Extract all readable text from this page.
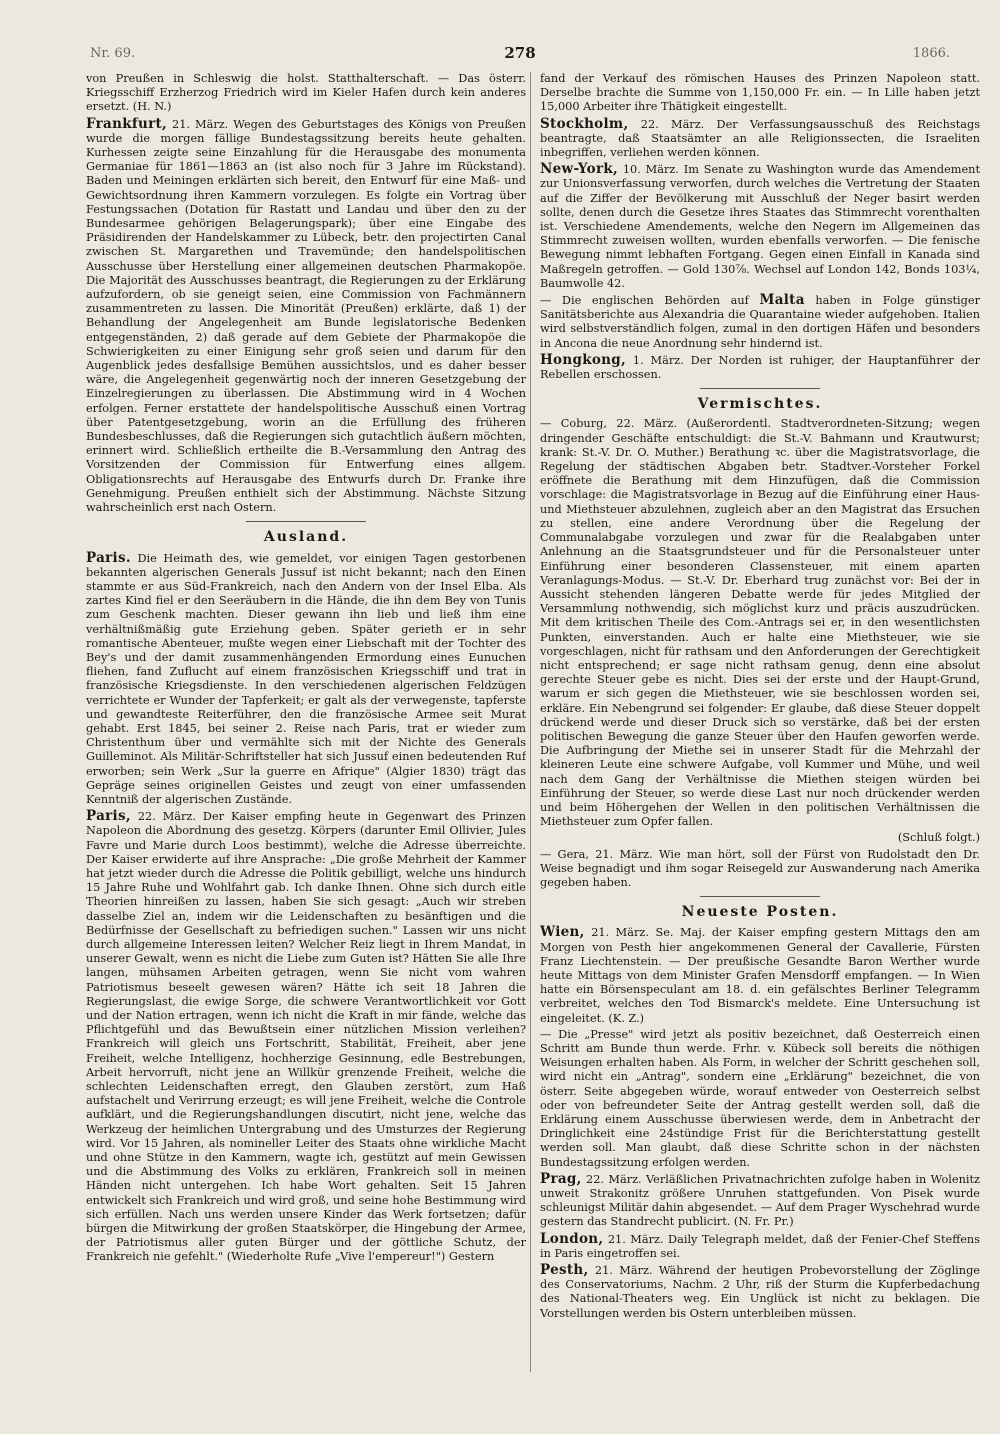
Nr. 69.	278	1866.

von Preußen in Schleswig die holst. Statthalterschaft. — Das österr. Kriegsschiff Erzherzog Friedrich wird im Kieler Hafen durch kein anderes ersetzt. (H. N.)

Frankfurt, 21. März. Wegen des Geburtstages des Königs von Preußen wurde die morgen fällige Bundestagssitzung bereits heute gehalten. Kurhessen zeigte seine Einzahlung für die Herausgabe des monumenta Germaniae für 1861—1863 an (ist also noch für 3 Jahre im Rückstand). Baden und Meiningen erklärten sich bereit, den Entwurf für eine Maß- und Gewichtsordnung ihren Kammern vorzulegen. Es folgte ein Vortrag über Festungssachen (Dotation für Rastatt und Landau und über den zu der Bundesarmee gehörigen Belagerungspark); über eine Eingabe des Präsidirenden der Handelskammer zu Lübeck, betr. den projectirten Canal zwischen St. Margarethen und Travemünde; den handelspolitischen Ausschusse über Herstellung einer allgemeinen deutschen Pharmakopöe. Die Majorität des Ausschusses beantragt, die Regierungen zu der Erklärung aufzufordern, ob sie geneigt seien, eine Commission von Fachmännern zusammentreten zu lassen. Die Minorität (Preußen) erklärte, daß 1) der Behandlung der Angelegenheit am Bunde legislatorische Bedenken entgegenständen, 2) daß gerade auf dem Gebiete der Pharmakopöe die Schwierigkeiten zu einer Einigung sehr groß seien und darum für den Augenblick jedes desfallsige Bemühen aussichtslos, und es daher besser wäre, die Angelegenheit gegenwärtig noch der inneren Gesetzgebung der Einzelregierungen zu überlassen. Die Abstimmung wird in 4 Wochen erfolgen. Ferner erstattete der handelspolitische Ausschuß einen Vortrag über Patentgesetzgebung, worin an die Erfüllung des früheren Bundesbeschlusses, daß die Regierungen sich gutachtlich äußern möchten, erinnert wird. Schließlich ertheilte die B.-Versammlung den Antrag des Vorsitzenden der Commission für Entwerfung eines allgem. Obligationsrechts auf Herausgabe des Entwurfs durch Dr. Franke ihre Genehmigung. Preußen enthielt sich der Abstimmung. Nächste Sitzung wahrscheinlich erst nach Ostern.

Ausland.

Paris. Die Heimath des, wie gemeldet, vor einigen Tagen gestorbenen bekannten algerischen Generals Jussuf ist nicht bekannt; nach den Einen stammte er aus Süd-Frankreich, nach den Andern von der Insel Elba. Als zartes Kind fiel er den Seeräubern in die Hände, die ihn dem Bey von Tunis zum Geschenk machten. Dieser gewann ihn lieb und ließ ihm eine verhältnißmäßig gute Erziehung geben. Später gerieth er in sehr romantische Abenteuer, mußte wegen einer Liebschaft mit der Tochter des Bey's und der damit zusammenhängenden Ermordung eines Eunuchen fliehen, fand Zuflucht auf einem französischen Kriegsschiff und trat in französische Kriegsdienste. In den verschiedenen algerischen Feldzügen verrichtete er Wunder der Tapferkeit; er galt als der verwegenste, tapferste und gewandteste Reiterführer, den die französische Armee seit Murat gehabt. Erst 1845, bei seiner 2. Reise nach Paris, trat er wieder zum Christenthum über und vermählte sich mit der Nichte des Generals Guilleminot. Als Militär-Schriftsteller hat sich Jussuf einen bedeutenden Ruf erworben; sein Werk „Sur la guerre en Afrique" (Algier 1830) trägt das Gepräge seines originellen Geistes und zeugt von einer umfassenden Kenntniß der algerischen Zustände.

Paris, 22. März. Der Kaiser empfing heute in Gegenwart des Prinzen Napoleon die Abordnung des gesetzg. Körpers (darunter Emil Ollivier, Jules Favre und Marie durch Loos bestimmt), welche die Adresse überreichte. Der Kaiser erwiderte auf ihre Ansprache: „Die große Mehrheit der Kammer hat jetzt wieder durch die Adresse die Politik gebilligt, welche uns hindurch 15 Jahre Ruhe und Wohlfahrt gab. Ich danke Ihnen. Ohne sich durch eitle Theorien hinreißen zu lassen, haben Sie sich gesagt: „Auch wir streben dasselbe Ziel an, indem wir die Leidenschaften zu besänftigen und die Bedürfnisse der Gesellschaft zu befriedigen suchen." Lassen wir uns nicht durch allgemeine Interessen leiten? Welcher Reiz liegt in Ihrem Mandat, in unserer Gewalt, wenn es nicht die Liebe zum Guten ist? Hätten Sie alle Ihre langen, mühsamen Arbeiten getragen, wenn Sie nicht vom wahren Patriotismus beseelt gewesen wären? Hätte ich seit 18 Jahren die Regierungslast, die ewige Sorge, die schwere Verantwortlichkeit vor Gott und der Nation ertragen, wenn ich nicht die Kraft in mir fände, welche das Pflichtgefühl und das Bewußtsein einer nützlichen Mission verleihen? Frankreich will gleich uns Fortschritt, Stabilität, Freiheit, aber jene Freiheit, welche Intelligenz, hochherzige Gesinnung, edle Bestrebungen, Arbeit hervorruft, nicht jene an Willkür grenzende Freiheit, welche die schlechten Leidenschaften erregt, den Glauben zerstört, zum Haß aufstachelt und Verirrung erzeugt; es will jene Freiheit, welche die Controle aufklärt, und die Regierungshandlungen discutirt, nicht jene, welche das Werkzeug der heimlichen Untergrabung und des Umsturzes der Regierung wird. Vor 15 Jahren, als nomineller Leiter des Staats ohne wirkliche Macht und ohne Stütze in den Kammern, wagte ich, gestützt auf mein Gewissen und die Abstimmung des Volks zu erklären, Frankreich soll in meinen Händen nicht untergehen. Ich habe Wort gehalten. Seit 15 Jahren entwickelt sich Frankreich und wird groß, und seine hohe Bestimmung wird sich erfüllen. Nach uns werden unsere Kinder das Werk fortsetzen; dafür bürgen die Mitwirkung der großen Staatskörper, die Hingebung der Armee, der Patriotismus aller guten Bürger und der göttliche Schutz, der Frankreich nie gefehlt." (Wiederholte Rufe „Vive l'empereur!") Gestern

fand der Verkauf des römischen Hauses des Prinzen Napoleon statt. Derselbe brachte die Summe von 1,150,000 Fr. ein. — In Lille haben jetzt 15,000 Arbeiter ihre Thätigkeit eingestellt.

Stockholm, 22. März. Der Verfassungsausschuß des Reichstags beantragte, daß Staatsämter an alle Religionssecten, die Israeliten inbegriffen, verliehen werden können.

New-York, 10. März. Im Senate zu Washington wurde das Amendement zur Unionsverfassung verworfen, durch welches die Vertretung der Staaten auf die Ziffer der Bevölkerung mit Ausschluß der Neger basirt werden sollte, denen durch die Gesetze ihres Staates das Stimmrecht vorenthalten ist. Verschiedene Amendements, welche den Negern im Allgemeinen das Stimmrecht zuweisen wollten, wurden ebenfalls verworfen. — Die fenische Bewegung nimmt lebhaften Fortgang. Gegen einen Einfall in Kanada sind Maßregeln getroffen. — Gold 130⅞. Wechsel auf London 142, Bonds 103¼, Baumwolle 42.

— Die englischen Behörden auf Malta haben in Folge günstiger Sanitätsberichte aus Alexandria die Quarantaine wieder aufgehoben. Italien wird selbstverständlich folgen, zumal in den dortigen Häfen und besonders in Ancona die neue Anordnung sehr hindernd ist.

Hongkong, 1. März. Der Norden ist ruhiger, der Hauptanführer der Rebellen erschossen.

Vermischtes.

— Coburg, 22. März. (Außerordentl. Stadtverordneten-Sitzung; wegen dringender Geschäfte entschuldigt: die St.-V. Bahmann und Krautwurst; krank: St.-V. Dr. O. Muther.) Berathung ꝛc. über die Magistratsvorlage, die Regelung der städtischen Abgaben betr. Stadtver.-Vorsteher Forkel eröffnete die Berathung mit dem Hinzufügen, daß die Commission vorschlage: die Magistratsvorlage in Bezug auf die Einführung einer Haus- und Miethsteuer abzulehnen, zugleich aber an den Magistrat das Ersuchen zu stellen, eine andere Verordnung über die Regelung der Communalabgabe vorzulegen und zwar für die Realabgaben unter Anlehnung an die Staatsgrundsteuer und für die Personalsteuer unter Einführung einer besonderen Classensteuer, mit einem aparten Veranlagungs-Modus. — St.-V. Dr. Eberhard trug zunächst vor: Bei der in Aussicht stehenden längeren Debatte werde für jedes Mitglied der Versammlung nothwendig, sich möglichst kurz und präcis auszudrücken. Mit dem kritischen Theile des Com.-Antrags sei er, in den wesentlichsten Punkten, einverstanden. Auch er halte eine Miethsteuer, wie sie vorgeschlagen, nicht für rathsam und den Anforderungen der Gerechtigkeit nicht entsprechend; er sage nicht rathsam genug, denn eine absolut gerechte Steuer gebe es nicht. Dies sei der erste und der Haupt-Grund, warum er sich gegen die Miethsteuer, wie sie beschlossen worden sei, erkläre. Ein Nebengrund sei folgender: Er glaube, daß diese Steuer doppelt drückend werde und dieser Druck sich so verstärke, daß bei der ersten politischen Bewegung die ganze Steuer über den Haufen geworfen werde. Die Aufbringung der Miethe sei in unserer Stadt für die Mehrzahl der kleineren Leute eine schwere Aufgabe, voll Kummer und Mühe, und weil nach dem Gang der Verhältnisse die Miethen steigen würden bei Einführung der Steuer, so werde diese Last nur noch drückender werden und beim Höhergehen der Wellen in den politischen Verhältnissen die Miethsteuer zum Opfer fallen.

(Schluß folgt.)

— Gera, 21. März. Wie man hört, soll der Fürst von Rudolstadt den Dr. Weise begnadigt und ihm sogar Reisegeld zur Auswanderung nach Amerika gegeben haben.

Neueste Posten.

Wien, 21. März. Se. Maj. der Kaiser empfing gestern Mittags den am Morgen von Pesth hier angekommenen General der Cavallerie, Fürsten Franz Liechtenstein. — Der preußische Gesandte Baron Werther wurde heute Mittags von dem Minister Grafen Mensdorff empfangen. — In Wien hatte ein Börsenspeculant am 18. d. ein gefälschtes Berliner Telegramm verbreitet, welches den Tod Bismarck's meldete. Eine Untersuchung ist eingeleitet. (K. Z.)

— Die „Presse" wird jetzt als positiv bezeichnet, daß Oesterreich einen Schritt am Bunde thun werde. Frhr. v. Kübeck soll bereits die nöthigen Weisungen erhalten haben. Als Form, in welcher der Schritt geschehen soll, wird nicht ein „Antrag", sondern eine „Erklärung" bezeichnet, die von österr. Seite abgegeben würde, worauf entweder von Oesterreich selbst oder von befreundeter Seite der Antrag gestellt werden soll, daß die Erklärung einem Ausschusse überwiesen werde, dem in Anbetracht der Dringlichkeit eine 24stündige Frist für die Berichterstattung gestellt werden soll. Man glaubt, daß diese Schritte schon in der nächsten Bundestagssitzung erfolgen werden.

Prag, 22. März. Verläßlichen Privatnachrichten zufolge haben in Wolenitz unweit Strakonitz größere Unruhen stattgefunden. Von Pisek wurde schleunigst Militär dahin abgesendet. — Auf dem Prager Wyschehrad wurde gestern das Standrecht publicirt. (N. Fr. Pr.)

London, 21. März. Daily Telegraph meldet, daß der Fenier-Chef Steffens in Paris eingetroffen sei.

Pesth, 21. März. Während der heutigen Probevorstellung der Zöglinge des Conservatoriums, Nachm. 2 Uhr, riß der Sturm die Kupferbedachung des National-Theaters weg. Ein Unglück ist nicht zu beklagen. Die Vorstellungen werden bis Ostern unterbleiben müssen.
